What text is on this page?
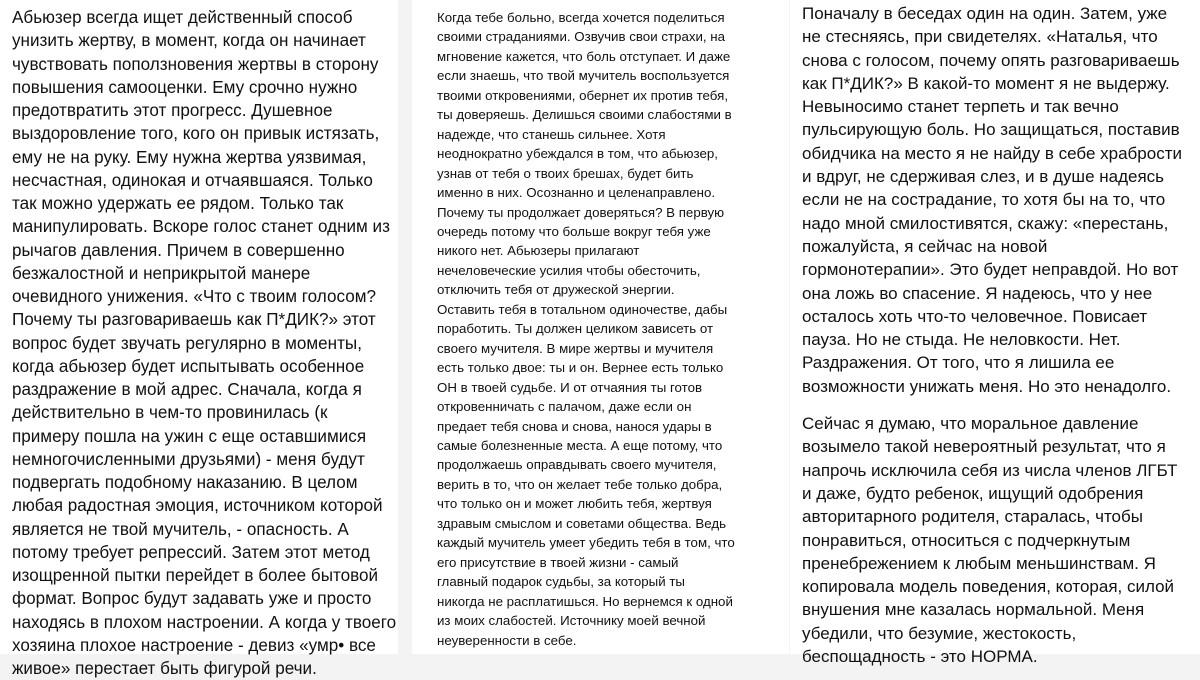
Абьюзер всегда ищет действенный способ
унизить жертву, в момент, когда он начинает
чувствовать поползновения жертвы в сторону
повышения самооценки. Ему срочно нужно
предотвратить этот прогресс. Душевное
выздоровление того, кого он привык истязать,
ему не на руку. Ему нужна жертва уязвимая,
несчастная, одинокая и отчаявшаяся. Только
так можно удержать ее рядом. Только так
манипулировать. Вскоре голос станет одним из
рычагов давления. Причем в совершенно
безжалостной и неприкрытой манере
очевидного унижения. «Что с твоим голосом?
Почему ты разговариваешь как П*ДИК?» этот
вопрос будет звучать регулярно в моменты,
когда абьюзер будет испытывать особенное
раздражение в мой адрес. Сначала, когда я
действительно в чем-то провинилась (к
примеру пошла на ужин с еще оставшимися
немногочисленными друзьями) - меня будут
подвергать подобному наказанию. В целом
любая радостная эмоция, источником которой
является не твой мучитель, - опасность. А
потому требует репрессий. Затем этот метод
изощренной пытки перейдет в более бытовой
формат. Вопрос будут задавать уже и просто
находясь в плохом настроении. А когда у твоего
хозяина плохое настроение - девиз «умр• все
живое» перестает быть фигурой речи.
Когда тебе больно, всегда хочется поделиться
своими страданиями. Озвучив свои страхи, на
мгновение кажется, что боль отступает. И даже
если знаешь, что твой мучитель воспользуется
твоими откровениями, обернет их против тебя,
ты доверяешь. Делишься своими слабостями в
надежде, что станешь сильнее. Хотя
неоднократно убеждался в том, что абьюзер,
узнав от тебя о твоих брешах, будет бить
именно в них. Осознанно и целенаправлено.
Почему ты продолжает доверяться? В первую
очередь потому что больше вокруг тебя уже
никого нет. Абьюзеры прилагают
нечеловеческие усилия чтобы обесточить,
отключить тебя от дружеской энергии.
Оставить тебя в тотальном одиночестве, дабы
поработить. Ты должен целиком зависеть от
своего мучителя. В мире жертвы и мучителя
есть только двое: ты и он. Вернее есть только
ОН в твоей судьбе. И от отчаяния ты готов
откровенничать с палачом, даже если он
предает тебя снова и снова, нанося удары в
самые болезненные места. А еще потому, что
продолжаешь оправдывать своего мучителя,
верить в то, что он желает тебе только добра,
что только он и может любить тебя, жертвуя
здравым смыслом и советами общества. Ведь
каждый мучитель умеет убедить тебя в том, что
его присутствие в твоей жизни - самый
главный подарок судьбы, за который ты
никогда не расплатишься. Но вернемся к одной
из моих слабостей. Источнику моей вечной
неуверенности в себе.
Поначалу в беседах один на один. Затем, уже
не стесняясь, при свидетелях. «Наталья, что
снова с голосом, почему опять разговариваешь
как П*ДИК?» В какой-то момент я не выдержу.
Невыносимо станет терпеть и так вечно
пульсирующую боль. Но защищаться, поставив
обидчика на место я не найду в себе храбрости
и вдруг, не сдерживая слез, и в душе надеясь
если не на сострадание, то хотя бы на то, что
надо мной смилостивятся, скажу: «перестань,
пожалуйста, я сейчас на новой
гормонотерапии». Это будет неправдой. Но вот
она ложь во спасение. Я надеюсь, что у нее
осталось хоть что-то человечное. Повисает
пауза. Но не стыда. Не неловкости. Нет.
Раздражения. От того, что я лишила ее
возможности унижать меня. Но это ненадолго.
Сейчас я думаю, что моральное давление
возымело такой невероятный результат, что я
напрочь исключила себя из числа членов ЛГБТ
и даже, будто ребенок, ищущий одобрения
авторитарного родителя, старалась, чтобы
понравиться, относиться с подчеркнутым
пренебрежением к любым меньшинствам. Я
копировала модель поведения, которая, силой
внушения мне казалась нормальной. Меня
убедили, что безумие, жестокость,
беспощадность - это НОРМА.
